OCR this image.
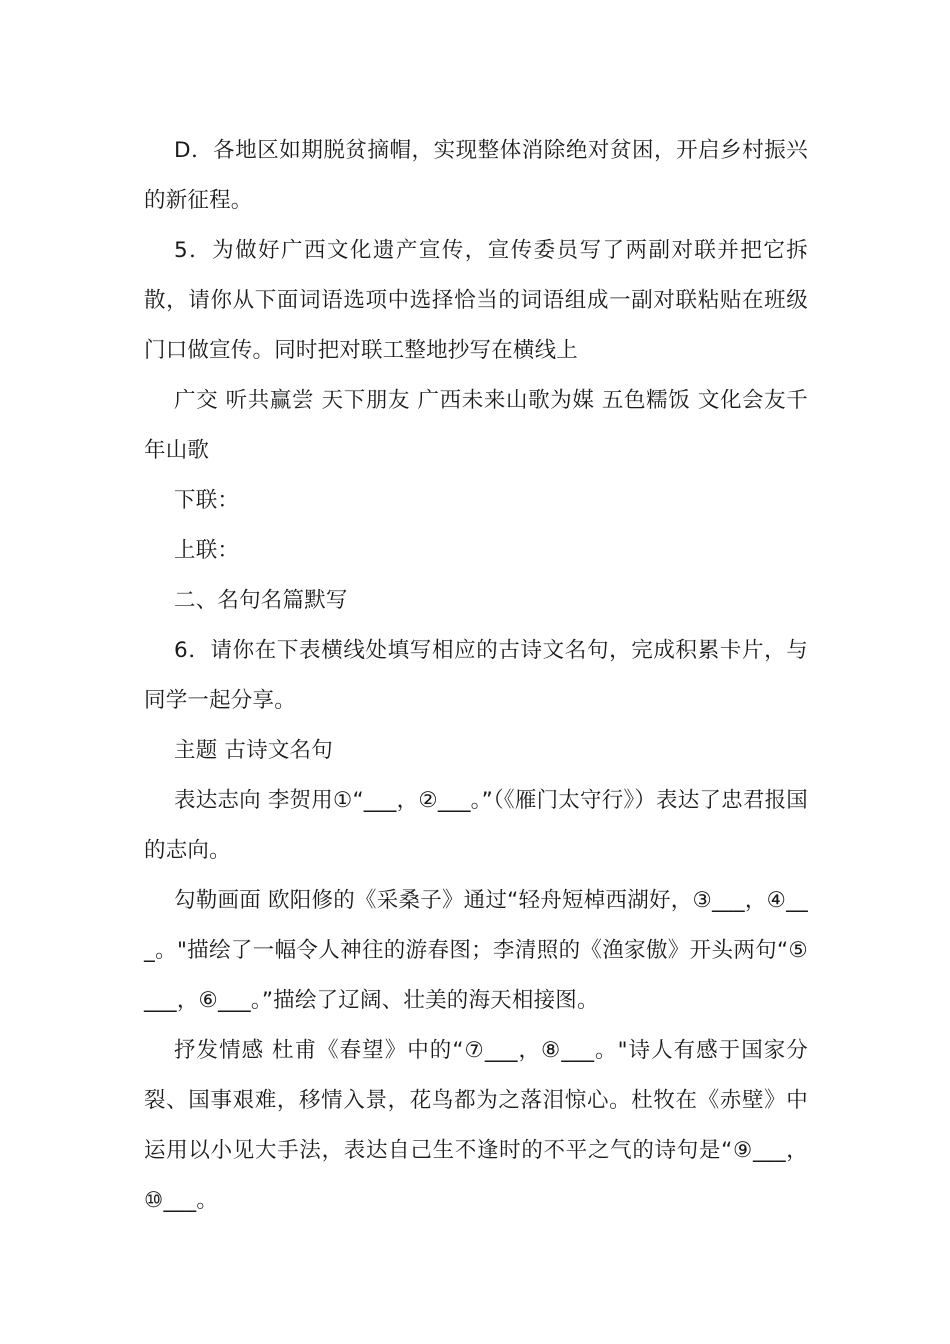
D．各地区如期脱贫摘帽，实现整体消除绝对贫困，开启乡村振兴的新征程。

5．为做好广西文化遗产宣传，宣传委员写了两副对联并把它拆散，请你从下面词语选项中选择恰当的词语组成一副对联粘贴在班级门口做宣传。同时把对联工整地抄写在横线上

广交 听共赢尝 天下朋友 广西未来山歌为媒 五色糯饭 文化会友千年山歌

下联：

上联：

二、名句名篇默写

6．请你在下表横线处填写相应的古诗文名句，完成积累卡片，与同学一起分享。

主题 古诗文名句

表达志向 李贺用①“___，②___。”（《雁门太守行》）表达了忠君报国的志向。

勾勒画面 欧阳修的《采桑子》通过“轻舟短棹西湖好，③___，④___。"描绘了一幅令人神往的游春图；李清照的《渔家傲》开头两句“⑤___，⑥___。”描绘了辽阔、壮美的海天相接图。

抒发情感 杜甫《春望》中的“⑦___，⑧___。"诗人有感于国家分裂、国事艰难，移情入景，花鸟都为之落泪惊心。杜牧在《赤壁》中运用以小见大手法，表达自己生不逢时的不平之气的诗句是“⑨___，⑩___。
